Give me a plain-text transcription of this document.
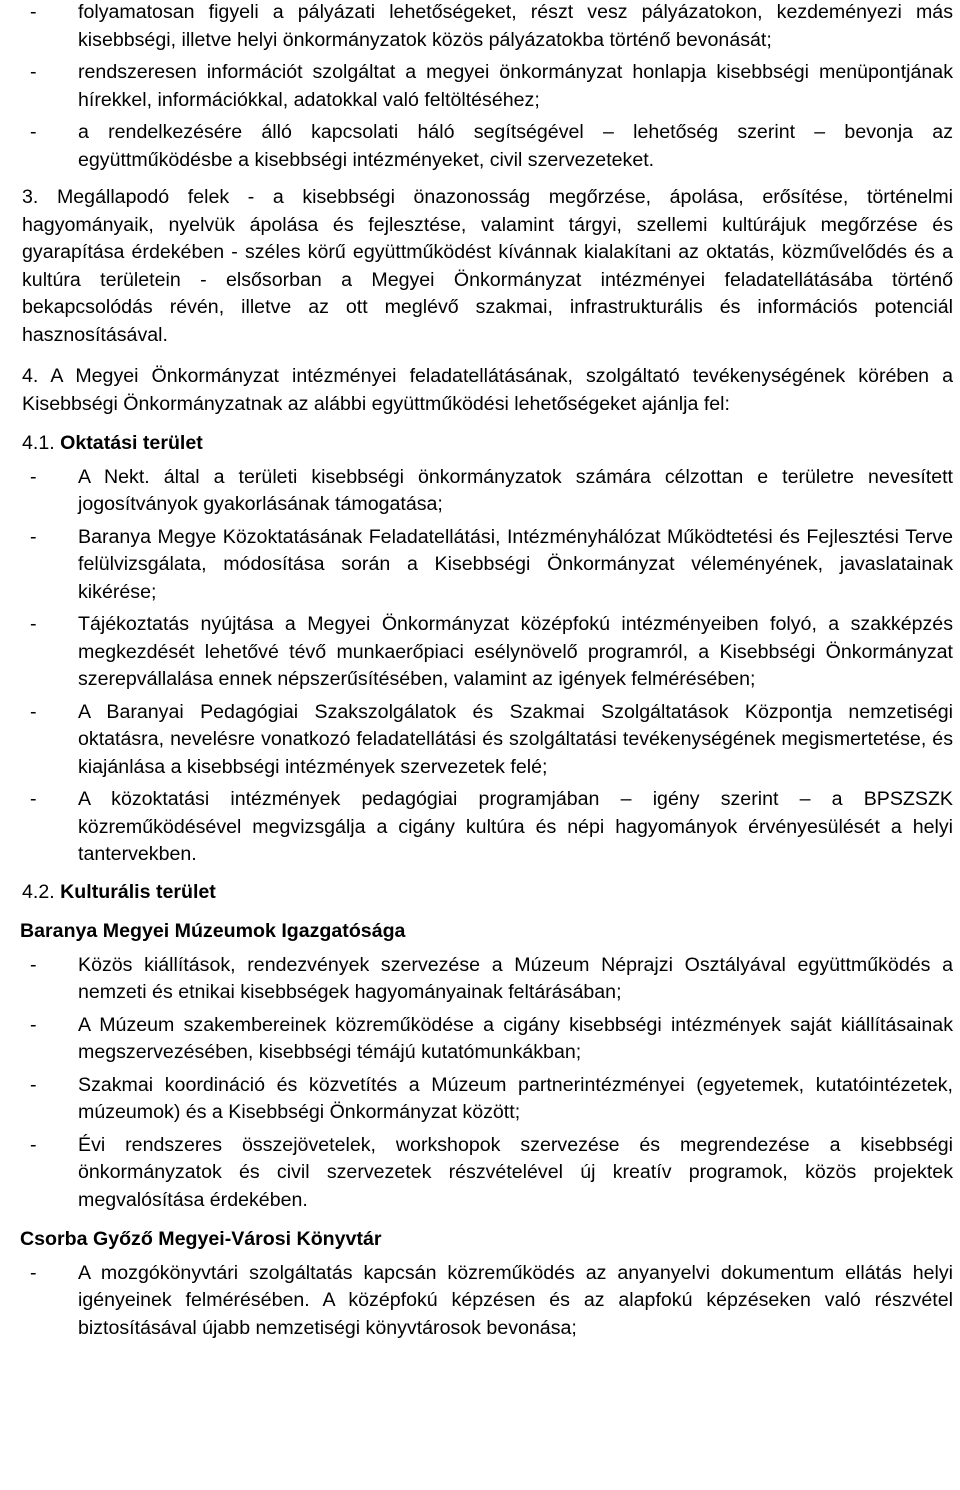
-	folyamatosan figyeli a pályázati lehetőségeket, részt vesz pályázatokon, kezdeményezi más kisebbségi, illetve helyi önkormányzatok közös pályázatokba történő bevonását;
-	rendszeresen információt szolgáltat a megyei önkormányzat honlapja kisebbségi menüpontjának hírekkel, információkkal, adatokkal való feltöltéséhez;
-	a rendelkezésére álló kapcsolati háló segítségével – lehetőség szerint – bevonja az együttműködésbe a kisebbségi intézményeket, civil szervezeteket.
3. Megállapodó felek - a kisebbségi önazonosság megőrzése, ápolása, erősítése, történelmi hagyományaik, nyelvük ápolása és fejlesztése, valamint tárgyi, szellemi kultúrájuk megőrzése és gyarapítása érdekében - széles körű együttműködést kívánnak kialakítani az oktatás, közművelődés és a kultúra területein - elsősorban a Megyei Önkormányzat intézményei feladatellátásába történő bekapcsolódás révén, illetve az ott meglévő szakmai, infrastrukturális és információs potenciál hasznosításával.
4. A Megyei Önkormányzat intézményei feladatellátásának, szolgáltató tevékenységének körében a Kisebbségi Önkormányzatnak az alábbi együttműködési lehetőségeket ajánlja fel:
4.1. Oktatási terület
-	A Nekt. által a területi kisebbségi önkormányzatok számára célzottan e területre nevesített jogosítványok gyakorlásának támogatása;
-	Baranya Megye Közoktatásának Feladatellátási, Intézményhálózat Működtetési és Fejlesztési Terve felülvizsgálata, módosítása során a Kisebbségi Önkormányzat véleményének, javaslatainak kikérése;
-	Tájékoztatás nyújtása a Megyei Önkormányzat középfokú intézményeiben folyó, a szakképzés megkezdését lehetővé tévő munkaerőpiaci esélynövelő programról, a Kisebbségi Önkormányzat szerepvállalása ennek népszerűsítésében, valamint az igények felmérésében;
-	A Baranyai Pedagógiai Szakszolgálatok és Szakmai Szolgáltatások Központja nemzetiségi oktatásra, nevelésre vonatkozó feladatellátási és szolgáltatási tevékenységének megismertetése, és kiajánlása a kisebbségi intézmények szervezetek felé;
-	A közoktatási intézmények pedagógiai programjában – igény szerint – a BPSZSZK közreműködésével megvizsgálja a cigány kultúra és népi hagyományok érvényesülését a helyi tantervekben.
4.2. Kulturális terület
Baranya Megyei Múzeumok Igazgatósága
-	Közös kiállítások, rendezvények szervezése a Múzeum Néprajzi Osztályával együttműködés a nemzeti és etnikai kisebbségek hagyományainak feltárásában;
-	A Múzeum szakembereinek közreműködése a cigány kisebbségi intézmények saját kiállításainak megszervezésében, kisebbségi témájú kutatómunkákban;
-	Szakmai koordináció és közvetítés a Múzeum partnerintézményei (egyetemek, kutatóintézetek, múzeumok) és a Kisebbségi Önkormányzat között;
-	Évi rendszeres összejövetelek, workshopok szervezése és megrendezése a kisebbségi önkormányzatok és civil szervezetek részvételével új kreatív programok, közös projektek megvalósítása érdekében.
Csorba Győző Megyei-Városi Könyvtár
-	A mozgókönyvtári szolgáltatás kapcsán közreműködés az anyanyelvi dokumentum ellátás helyi igényeinek felmérésében. A középfokú képzésen és az alapfokú képzéseken való részvétel biztosításával újabb nemzetiségi könyvtárosok bevonása;
